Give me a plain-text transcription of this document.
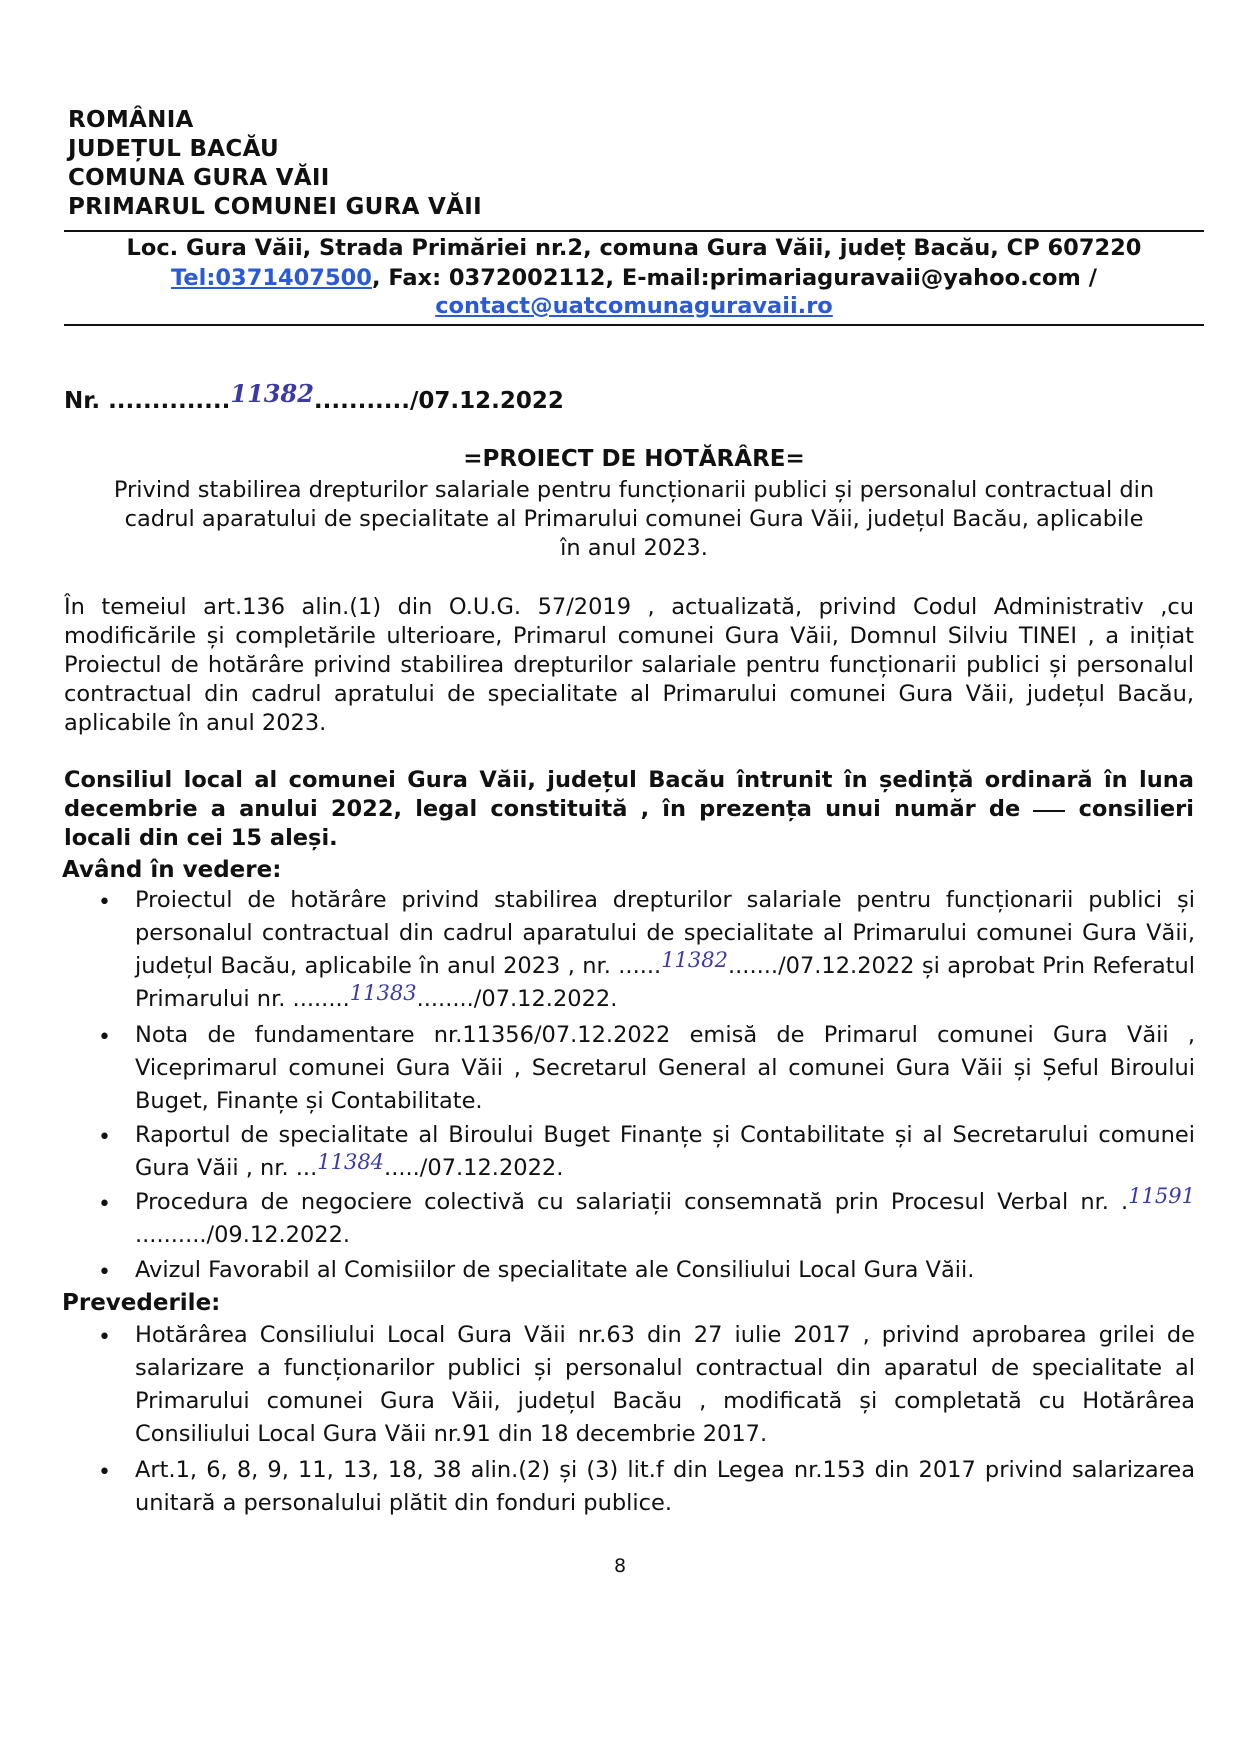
ROMÂNIA
JUDEȚUL BACĂU
COMUNA GURA VĂII
PRIMARUL COMUNEI GURA VĂII
Loc. Gura Văii, Strada Primăriei nr.2, comuna Gura Văii, județ Bacău, CP 607220
Tel:0371407500, Fax: 0372002112, E-mail:primariaguravaii@yahoo.com /
contact@uatcomunaguravaii.ro
Nr. ..............11382.........../07.12.2022
=PROIECT DE HOTĂRÂRE=
Privind stabilirea drepturilor salariale pentru funcționarii publici și personalul contractual din
cadrul aparatului de specialitate al Primarului comunei Gura Văii, județul Bacău, aplicabile
în anul 2023.
În temeiul art.136 alin.(1) din O.U.G. 57/2019 , actualizată, privind Codul Administrativ ,cu modificările și completările ulterioare, Primarul comunei Gura Văii, Domnul Silviu TINEI , a inițiat Proiectul de hotărâre privind stabilirea drepturilor salariale pentru funcționarii publici și personalul contractual din cadrul apratului de specialitate al Primarului comunei Gura Văii, județul Bacău, aplicabile în anul 2023.
Consiliul local al comunei Gura Văii, județul Bacău întrunit în ședință ordinară în luna decembrie a anului 2022, legal constituită , în prezența unui număr de	consilieri locali din cei 15 aleși.
Având în vedere:
• Proiectul de hotărâre privind stabilirea drepturilor salariale pentru funcționarii publici și personalul contractual din cadrul aparatului de specialitate al Primarului comunei Gura Văii, județul Bacău, aplicabile în anul 2023 , nr. ......11382......./07.12.2022 și aprobat Prin Referatul Primarului nr. ........11383......../07.12.2022.
• Nota de fundamentare nr.11356/07.12.2022 emisă de Primarul comunei Gura Văii , Viceprimarul comunei Gura Văii , Secretarul General al comunei Gura Văii și Șeful Biroului Buget, Finanțe și Contabilitate.
• Raportul de specialitate al Biroului Buget Finanțe și Contabilitate și al Secretarului comunei Gura Văii , nr. ...11384...../07.12.2022.
• Procedura de negociere colectivă cu salariații consemnată prin Procesul Verbal nr. .11591........../09.12.2022.
• Avizul Favorabil al Comisiilor de specialitate ale Consiliului Local Gura Văii.
Prevederile:
• Hotărârea Consiliului Local Gura Văii nr.63 din 27 iulie 2017 , privind aprobarea grilei de salarizare a funcționarilor publici și personalul contractual din aparatul de specialitate al Primarului comunei Gura Văii, județul Bacău , modificată și completată cu Hotărârea Consiliului Local Gura Văii nr.91 din 18 decembrie 2017.
• Art.1, 6, 8, 9, 11, 13, 18, 38 alin.(2) și (3) lit.f din Legea nr.153 din 2017 privind salarizarea unitară a personalului plătit din fonduri publice.
8
